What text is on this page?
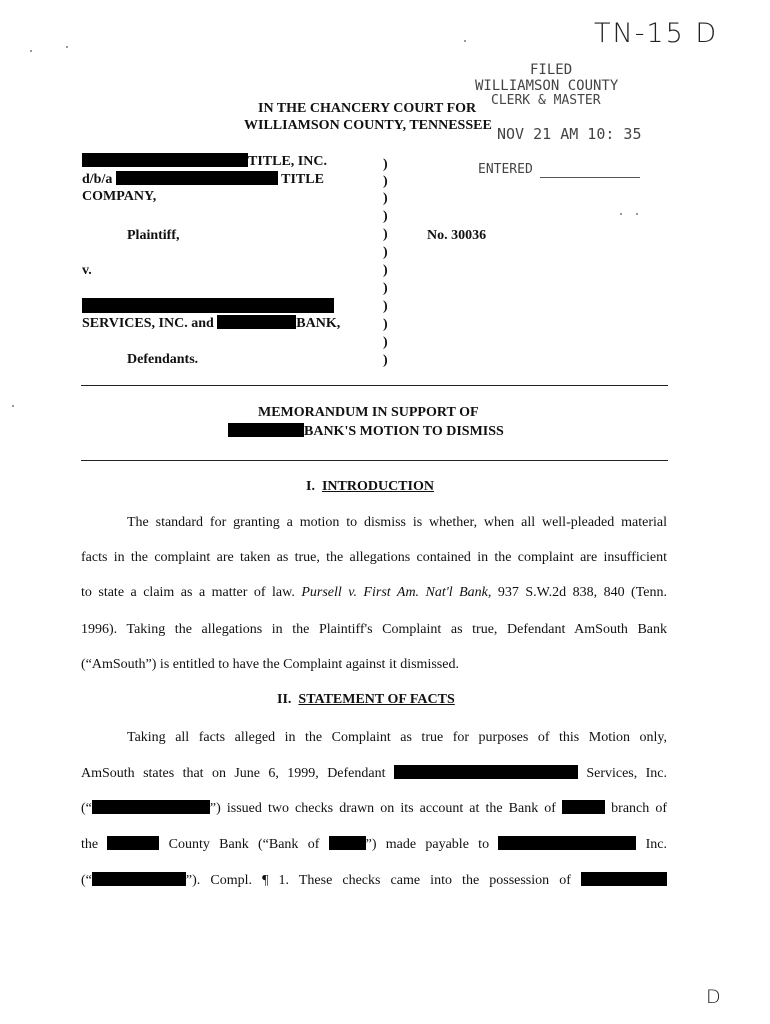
TN-15 D
D
FILED
WILLIAMSON COUNTY
CLERK & MASTER
NOV 21 AM 10: 35
ENTERED
IN THE CHANCERY COURT FOR
WILLIAMSON COUNTY, TENNESSEE
TITLE, INC.
d/b/a	TITLE
COMPANY,
Plaintiff,
v.
SERVICES, INC. and	BANK,
Defendants.
)
)
)
)
)
)
)
)
)
)
)
)
No. 30036
MEMORANDUM IN SUPPORT OF
BANK'S MOTION TO DISMISS
I. INTRODUCTION
The standard for granting a motion to dismiss is whether, when all well-pleaded material
facts in the complaint are taken as true, the allegations contained in the complaint are insufficient
to state a claim as a matter of law. Pursell v. First Am. Nat'l Bank, 937 S.W.2d 838, 840 (Tenn.
1996). Taking the allegations in the Plaintiff's Complaint as true, Defendant AmSouth Bank
(“AmSouth”) is entitled to have the Complaint against it dismissed.
II. STATEMENT OF FACTS
Taking all facts alleged in the Complaint as true for purposes of this Motion only,
AmSouth states that on June 6, 1999, Defendant	Services, Inc.
(“	”) issued two checks drawn on its account at the Bank of	branch of
the	County Bank (“Bank of	”) made payable to	Inc.
(“	”). Compl. ¶ 1. These checks came into the possession of
